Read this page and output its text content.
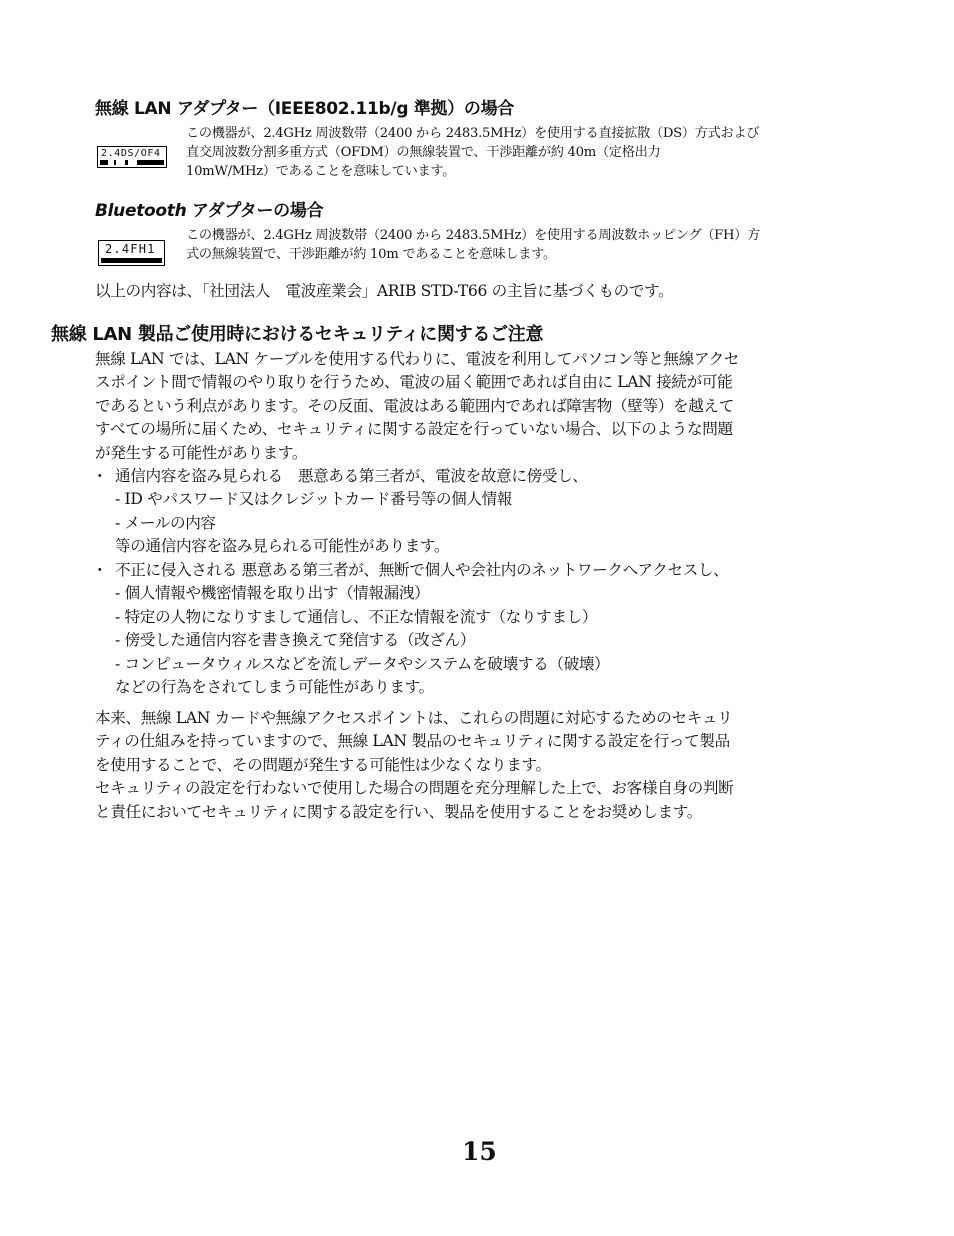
無線 LAN アダプター（IEEE802.11b/g 準拠）の場合
2.4DS/OF4
この機器が、2.4GHz 周波数帯（2400 から 2483.5MHz）を使用する直接拡散（DS）方式および
直交周波数分割多重方式（OFDM）の無線装置で、干渉距離が約 40m（定格出力
10mW/MHz）であることを意味しています。
Bluetooth アダプターの場合
2.4FH1
この機器が、2.4GHz 周波数帯（2400 から 2483.5MHz）を使用する周波数ホッピング（FH）方
式の無線装置で、干渉距離が約 10m であることを意味します。
以上の内容は、「社団法人　電波産業会」ARIB STD-T66 の主旨に基づくものです。
無線 LAN 製品ご使用時におけるセキュリティに関するご注意
無線 LAN では、LAN ケーブルを使用する代わりに、電波を利用してパソコン等と無線アクセ
スポイント間で情報のやり取りを行うため、電波の届く範囲であれば自由に LAN 接続が可能
であるという利点があります。その反面、電波はある範囲内であれば障害物（壁等）を越えて
すべての場所に届くため、セキュリティに関する設定を行っていない場合、以下のような問題
が発生する可能性があります。
・ 通信内容を盗み見られる　悪意ある第三者が、電波を故意に傍受し、
- ID やパスワード又はクレジットカード番号等の個人情報
- メールの内容
等の通信内容を盗み見られる可能性があります。
・ 不正に侵入される 悪意ある第三者が、無断で個人や会社内のネットワークへアクセスし、
- 個人情報や機密情報を取り出す（情報漏洩）
- 特定の人物になりすまして通信し、不正な情報を流す（なりすまし）
- 傍受した通信内容を書き換えて発信する（改ざん）
- コンピュータウィルスなどを流しデータやシステムを破壊する（破壊）
などの行為をされてしまう可能性があります。
本来、無線 LAN カードや無線アクセスポイントは、これらの問題に対応するためのセキュリ
ティの仕組みを持っていますので、無線 LAN 製品のセキュリティに関する設定を行って製品
を使用することで、その問題が発生する可能性は少なくなります。
セキュリティの設定を行わないで使用した場合の問題を充分理解した上で、お客様自身の判断
と責任においてセキュリティに関する設定を行い、製品を使用することをお奨めします。
15
